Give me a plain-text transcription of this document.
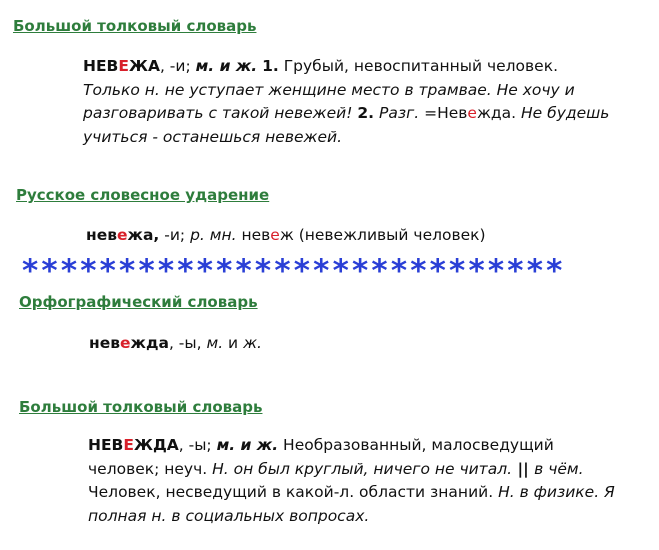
Большой толковый словарь
НЕВЕЖА, -и; м. и ж. 1. Грубый, невоспитанный человек. Только н. не уступает женщине место в трамвае. Не хочу и разговаривать с такой невежей! 2. Разг. =Невежда. Не будешь учиться - останешься невежей.
Русское словесное ударение
невежа, -и; р. мн. невеж (невежливый человек)
****************************
Орфографический словарь
невежда, -ы, м. и ж.
Большой толковый словарь
НЕВЕЖДА, -ы; м. и ж. Необразованный, малосведущий человек; неуч. Н. он был круглый, ничего не читал. || в чём. Человек, несведущий в какой-л. области знаний. Н. в физике. Я полная н. в социальных вопросах.
